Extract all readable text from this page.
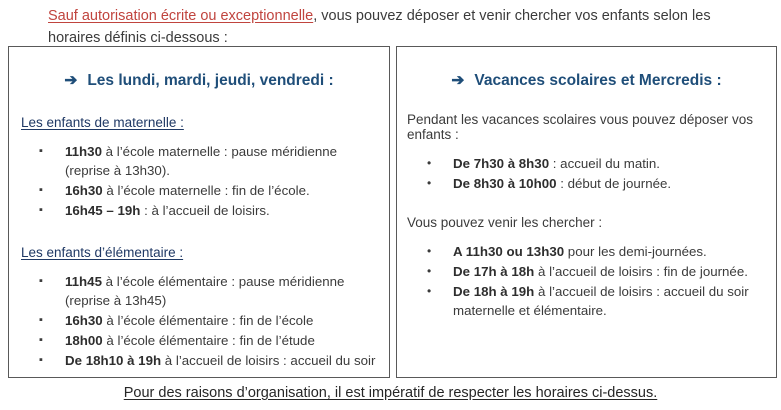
Sauf autorisation écrite ou exceptionnelle, vous pouvez déposer et venir chercher vos enfants selon les horaires définis ci-dessous :
➔ Les lundi, mardi, jeudi, vendredi :
Les enfants de maternelle :
▪ 11h30 à l’école maternelle : pause méridienne (reprise à 13h30).
▪ 16h30 à l’école maternelle : fin de l’école.
▪ 16h45 – 19h : à l’accueil de loisirs.
Les enfants d’élémentaire :
▪ 11h45 à l’école élémentaire : pause méridienne (reprise à 13h45)
▪ 16h30 à l’école élémentaire : fin de l’école
▪ 18h00 à l’école élémentaire : fin de l’étude
▪ De 18h10 à 19h à l’accueil de loisirs : accueil du soir
➔ Vacances scolaires et Mercredis :
Pendant les vacances scolaires vous pouvez déposer vos enfants :
• De 7h30 à 8h30 : accueil du matin.
• De 8h30 à 10h00 : début de journée.
Vous pouvez venir les chercher :
• A 11h30 ou 13h30 pour les demi-journées.
• De 17h à 18h à l’accueil de loisirs : fin de journée.
• De 18h à 19h à l’accueil de loisirs : accueil du soir maternelle et élémentaire.
Pour des raisons d’organisation, il est impératif de respecter les horaires ci-dessus.
